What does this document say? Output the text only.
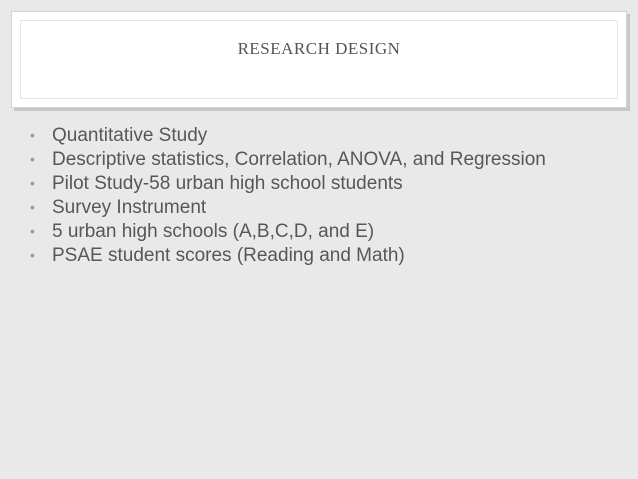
RESEARCH DESIGN
• Quantitative Study
• Descriptive statistics, Correlation, ANOVA, and Regression
• Pilot Study-58 urban high school students
• Survey Instrument
• 5 urban high schools (A,B,C,D, and E)
• PSAE student scores (Reading and Math)
